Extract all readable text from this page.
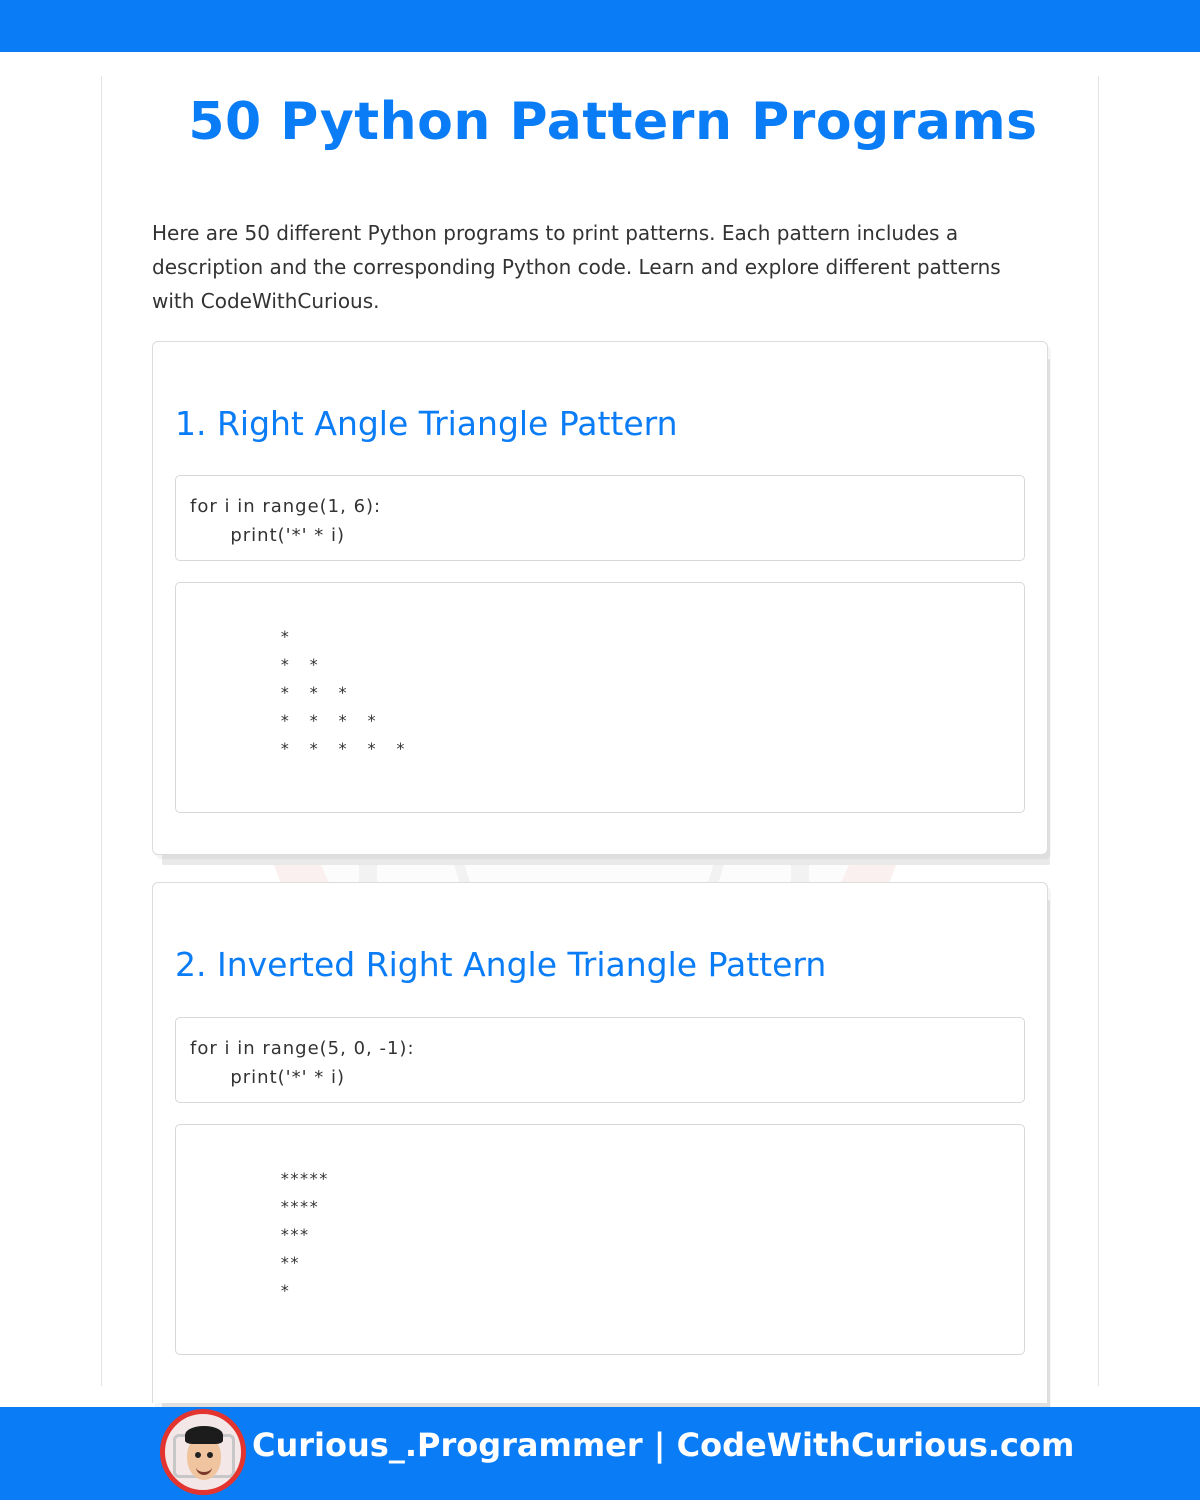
50 Python Pattern Programs

Here are 50 different Python programs to print patterns. Each pattern includes a description and the corresponding Python code. Learn and explore different patterns with CodeWithCurious.

1. Right Angle Triangle Pattern
for i in range(1, 6):
print('*' * i)
*
*  *
*  *  *
*  *  *  *
*  *  *  *  *
2. Inverted Right Angle Triangle Pattern
for i in range(5, 0, -1):
print('*' * i)
*****
****
***
**
*

Curious_.Programmer | CodeWithCurious.com
